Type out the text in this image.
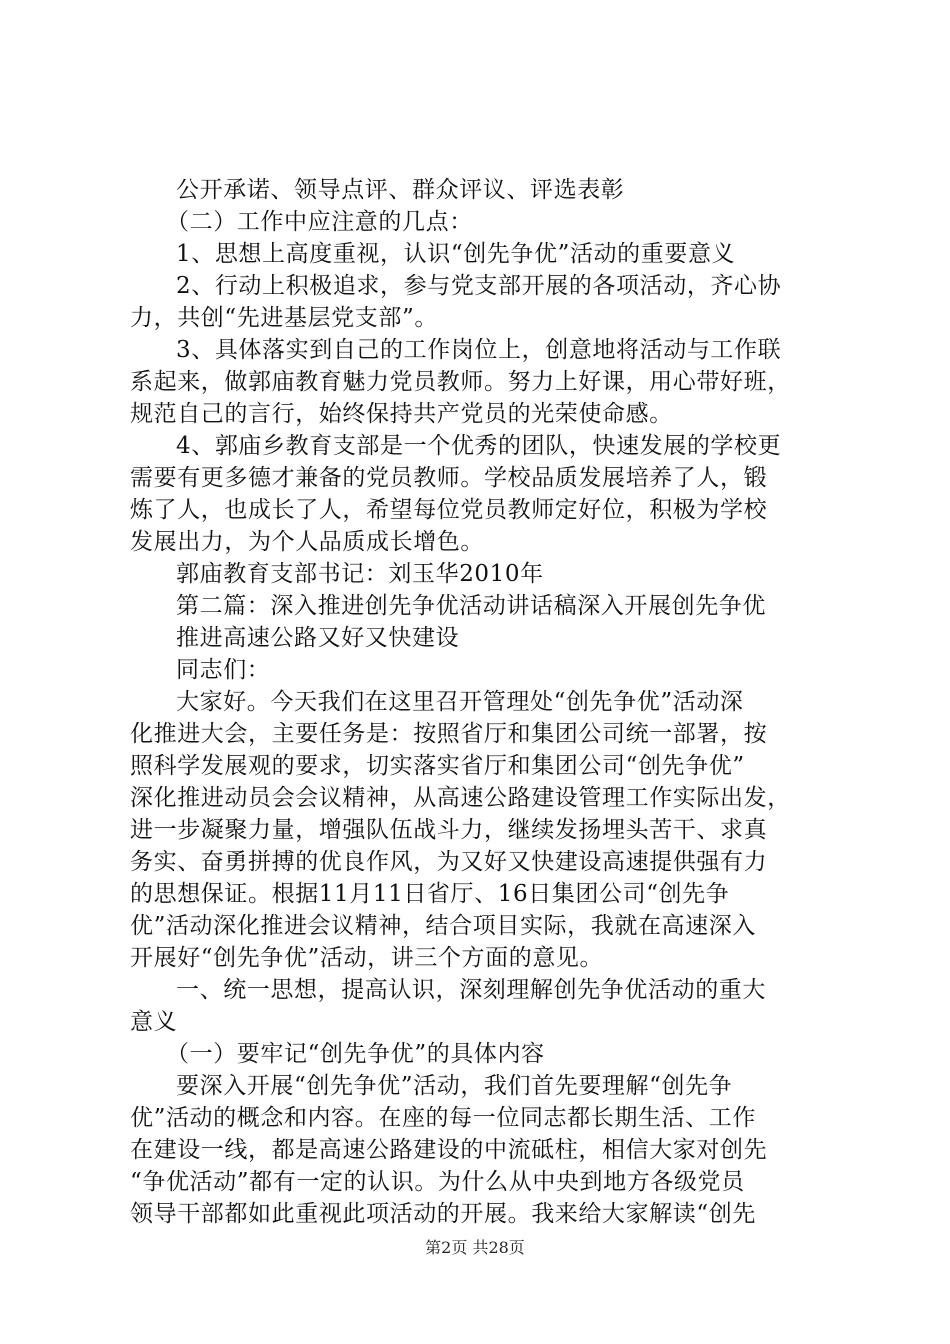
公开承诺、领导点评、群众评议、评选表彰
（二）工作中应注意的几点：
1、思想上高度重视，认识“创先争优”活动的重要意义
2、行动上积极追求，参与党支部开展的各项活动，齐心协
力，共创“先进基层党支部”。
3、具体落实到自己的工作岗位上，创意地将活动与工作联
系起来，做郭庙教育魅力党员教师。努力上好课，用心带好班，
规范自己的言行，始终保持共产党员的光荣使命感。
4、郭庙乡教育支部是一个优秀的团队，快速发展的学校更
需要有更多德才兼备的党员教师。学校品质发展培养了人，锻
炼了人，也成长了人，希望每位党员教师定好位，积极为学校
发展出力，为个人品质成长增色。
郭庙教育支部书记：刘玉华2010年
第二篇：深入推进创先争优活动讲话稿深入开展创先争优
推进高速公路又好又快建设
同志们：
大家好。今天我们在这里召开管理处“创先争优”活动深
化推进大会，主要任务是：按照省厅和集团公司统一部署，按
照科学发展观的要求，切实落实省厅和集团公司“创先争优”
深化推进动员会会议精神，从高速公路建设管理工作实际出发，
进一步凝聚力量，增强队伍战斗力，继续发扬埋头苦干、求真
务实、奋勇拼搏的优良作风，为又好又快建设高速提供强有力
的思想保证。根据11月11日省厅、16日集团公司“创先争
优”活动深化推进会议精神，结合项目实际，我就在高速深入
开展好“创先争优”活动，讲三个方面的意见。
一、统一思想，提高认识，深刻理解创先争优活动的重大
意义
（一）要牢记“创先争优”的具体内容
要深入开展“创先争优”活动，我们首先要理解“创先争
优”活动的概念和内容。在座的每一位同志都长期生活、工作
在建设一线，都是高速公路建设的中流砥柱，相信大家对创先
“争优活动”都有一定的认识。为什么从中央到地方各级党员
领导干部都如此重视此项活动的开展。我来给大家解读“创先
第2页 共28页
